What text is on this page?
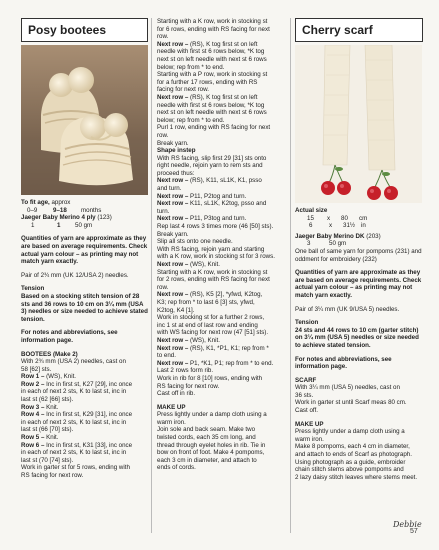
Posy bootees

To fit age, approx

0–9	9–18	months

Jaeger Baby Merino 4 ply (123)

1	1	50 gm

Quantities of yarn are approximate as they are based on average requirements. Check actual yarn colour – as printing may not match yarn exactly.

Pair of 2¾ mm (UK 12/USA 2) needles.

Tension

Based on a stocking stitch tension of 28 sts and 36 rows to 10 cm on 3¼ mm (USA 3) needles or size needed to achieve stated tension.

For notes and abbreviations, see information page.

BOOTEES (Make 2)

With 2¾ mm (USA 2) needles, cast on

58 [62] sts.

Row 1 – (WS), Knit.

Row 2 – Inc in first st, K27 [29], inc once

in each of next 2 sts, K to last st, inc in

last st (62 [66] sts).

Row 3 – Knit.

Row 4 – Inc in first st, K29 [31], inc once

in each of next 2 sts, K to last st, inc in

last st (66 [70] sts).

Row 5 – Knit.

Row 6 – Inc in first st, K31 [33], inc once

in each of next 2 sts, K to last st, inc in

last st (70 [74] sts).

Work in garter st for 5 rows, ending with

RS facing for next row.

Starting with a K row, work in stocking st

for 6 rows, ending with RS facing for next

row.

Next row – (RS), K tog first st on left

needle with first st 6 rows below, *K tog

next st on left needle with next st 6 rows

below; rep from * to end.

Starting with a P row, work in stocking st

for a further 17 rows, ending with RS

facing for next row.

Next row – (RS), K tog first st on left

needle with first st 6 rows below, *K tog

next st on left needle with next st 6 rows

below; rep from * to end.

Purl 1 row, ending with RS facing for next

row.

Break yarn.

Shape instep

With RS facing, slip first 29 [31] sts onto

right needle, rejoin yarn to rem sts and

proceed thus:

Next row – (RS), K11, sL1K, K1, psso

and turn.

Next row – P11, P2tog and turn.

Next row – K11, sL1K, K2tog, psso and

turn.

Next row – P11, P3tog and turn.

Rep last 4 rows 3 times more (46 [50] sts).

Break yarn.

Slip all sts onto one needle.

With RS facing, rejoin yarn and starting

with a K row, work in stocking st for 3 rows.

Next row – (WS), Knit.

Starting with a K row, work in stocking st

for 2 rows, ending with RS facing for next

row.

Next row – (RS), K5 [2], *yfwd, K2tog,

K3; rep from * to last 6 [3] sts, yfwd,

K2tog, K4 [1].

Work in stocking st for a further 2 rows,

inc 1 st at end of last row and ending

with WS facing for next row (47 [51] sts).

Next row – (WS), Knit.

Next row – (RS), K1, *P1, K1; rep from *

to end.

Next row – P1, *K1, P1; rep from * to end.

Last 2 rows form rib.

Work in rib for 8 [10] rows, ending with

RS facing for next row.

Cast off in rib.

MAKE UP

Press lightly under a damp cloth using a

warm iron.

Join sole and back seam. Make two

twisted cords, each 35 cm long, and

thread through eyelet holes in rib. Tie in

bow on front of foot. Make 4 pompoms,

each 3 cm in diameter, and attach to

ends of cords.

Cherry scarf

Actual size

15	x	80	cm
6	x	31½ in

Jaeger Baby Merino DK (203)

3	50 gm

One ball of same yarn for pompoms (231) and oddment for embroidery (232)

Quantities of yarn are approximate as they are based on average requirements. Check actual yarn colour – as printing may not match yarn exactly.

Pair of 3¼ mm (UK 9/USA 5) needles.

Tension

24 sts and 44 rows to 10 cm (garter stitch) on 3¼ mm (USA 5) needles or size needed to achieve stated tension.

For notes and abbreviations, see information page.

SCARF

With 3¼ mm (USA 5) needles, cast on

36 sts.

Work in garter st until Scarf meas 80 cm.

Cast off.

MAKE UP

Press lightly under a damp cloth using a

warm iron.

Make 8 pompoms, each 4 cm in diameter,

and attach to ends of Scarf as photograph.

Using photograph as a guide, embroider

chain stitch stems above pompoms and

2 lazy daisy stitch leaves where stems meet.

Debbie
57
